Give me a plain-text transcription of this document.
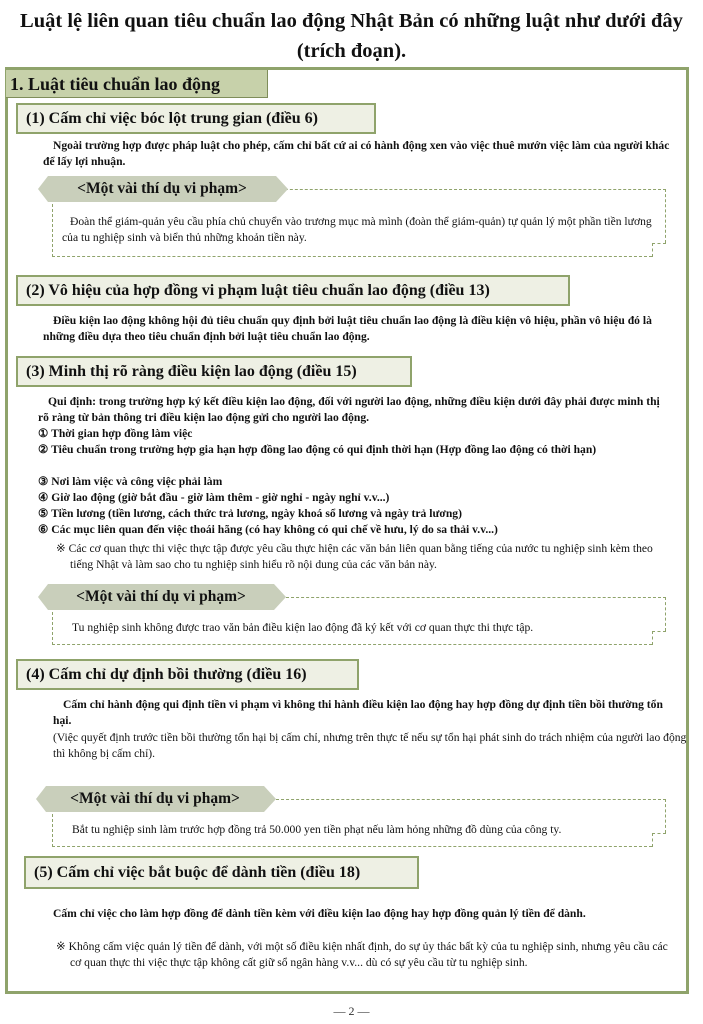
Luật lệ liên quan tiêu chuẩn lao động Nhật Bản có những luật như dưới đây (trích đoạn).
1. Luật tiêu chuẩn lao động
(1) Cấm chỉ việc bóc lột trung gian (điều 6)

Ngoài trường hợp được pháp luật cho phép, cấm chỉ bất cứ ai có hành động xen vào việc thuê mướn việc làm của người khác để lấy lợi nhuận.

<Một vài thí dụ vi phạm>

Đoàn thể giám-quản yêu cầu phía chủ chuyển vào trương mục mà mình (đoàn thể giám-quản) tự quản lý một phần tiền lương của tu nghiệp sinh và biển thủ những khoản tiền này.

(2) Vô hiệu của hợp đồng vi phạm luật tiêu chuẩn lao động (điều 13)

Điều kiện lao động không hội đủ tiêu chuẩn quy định bởi luật tiêu chuẩn lao động là điều kiện vô hiệu, phần vô hiệu đó là những điều dựa theo tiêu chuẩn định bởi luật tiêu chuẩn lao động.

(3) Minh thị rõ ràng điều kiện lao động (điều 15)

Qui định: trong trường hợp ký kết điều kiện lao động, đối với người lao động, những điều kiện dưới đây phải được minh thị rõ ràng từ bản thông tri điều kiện lao động gửi cho người lao động.

① Thời gian hợp đồng làm việc

② Tiêu chuẩn trong trường hợp gia hạn hợp đồng lao động có qui định thời hạn (Hợp đồng lao động có thời hạn)

③ Nơi làm việc và công việc phải làm

④ Giờ lao động (giờ bắt đầu - giờ làm thêm - giờ nghỉ - ngày nghỉ v.v...)

⑤ Tiền lương (tiền lương, cách thức trả lương, ngày khoá sổ lương và ngày trả lương)

⑥ Các mục liên quan đến việc thoái hãng (có hay không có qui chế về hưu, lý do sa thải v.v...)

※ Các cơ quan thực thi việc thực tập được yêu cầu thực hiện các văn bản liên quan bằng tiếng của nước tu nghiệp sinh kèm theo tiếng Nhật và làm sao cho tu nghiệp sinh hiểu rõ nội dung của các văn bản này.

<Một vài thí dụ vi phạm>

Tu nghiệp sinh không được trao văn bản điều kiện lao động đã ký kết với cơ quan thực thi thực tập.

(4) Cấm chỉ dự định bồi thường (điều 16)

Cấm chỉ hành động qui định tiền vi phạm vì không thi hành điều kiện lao động hay hợp đồng dự định tiền bồi thường tổn hại.

(Việc quyết định trước tiền bồi thường tổn hại bị cấm chỉ, nhưng trên thực tế nếu sự tổn hại phát sinh do trách nhiệm của người lao động thì không bị cấm chỉ).

<Một vài thí dụ vi phạm>

Bắt tu nghiệp sinh làm trước hợp đồng trả 50.000 yen tiền phạt nếu làm hỏng những đồ dùng của công ty.

(5) Cấm chỉ việc bắt buộc để dành tiền (điều 18)

Cấm chỉ việc cho làm hợp đồng để dành tiền kèm với điều kiện lao động hay hợp đồng quản lý tiền để dành.

※ Không cấm việc quản lý tiền để dành, với một số điều kiện nhất định, do sự ủy thác bất kỳ của tu nghiệp sinh, nhưng yêu cầu các cơ quan thực thi việc thực tập không cất giữ sổ ngân hàng v.v... dù có sự yêu cầu từ tu nghiệp sinh.

— 2 —
